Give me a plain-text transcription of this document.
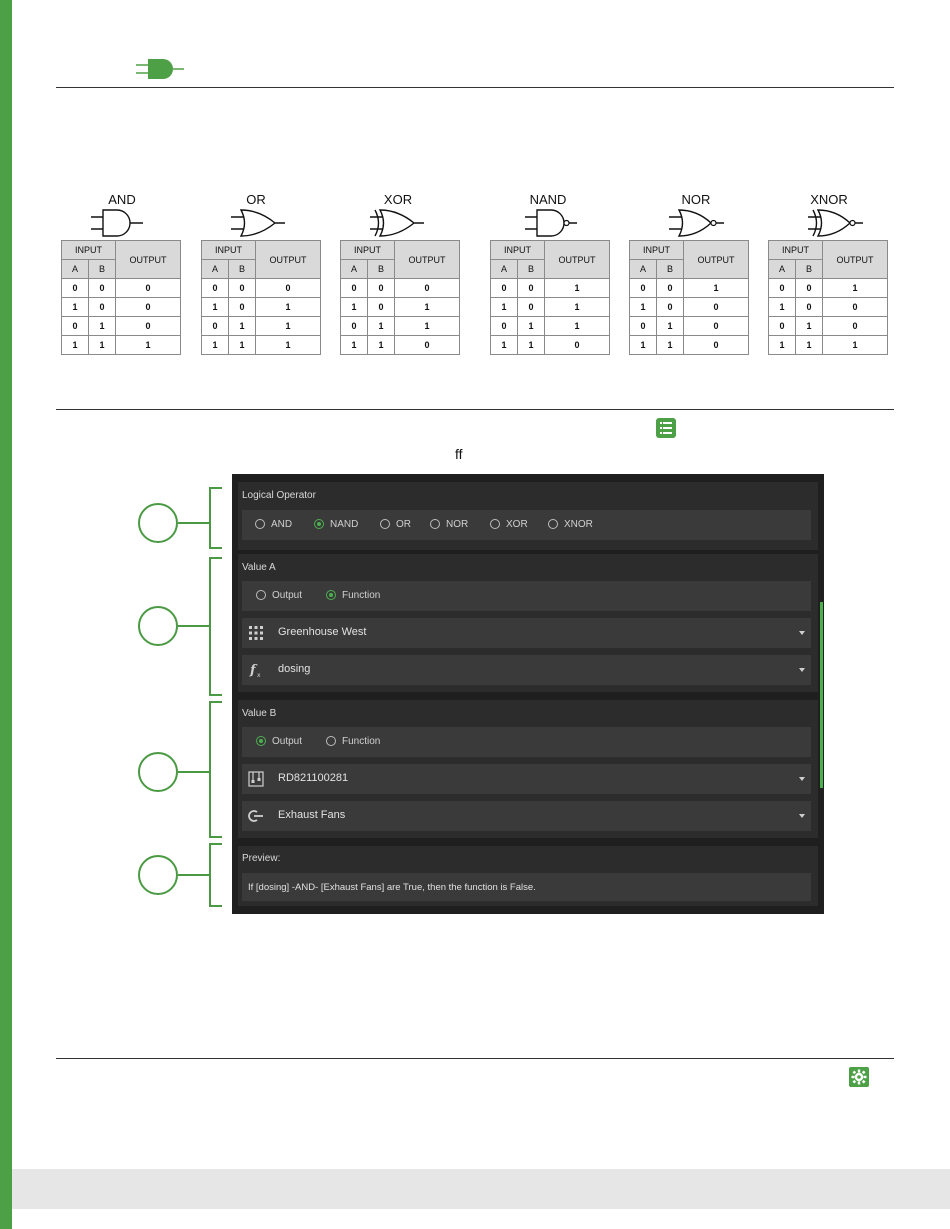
AND
INPUT		OUTPUT
A	B	
0	0	0
1	0	0
0	1	0
1	1	1
OR
INPUT		OUTPUT
A	B	
0	0	0
1	0	1
0	1	1
1	1	1
XOR
INPUT		OUTPUT
A	B	
0	0	0
1	0	1
0	1	1
1	1	0
NAND
INPUT		OUTPUT
A	B	
0	0	1
1	0	1
0	1	1
1	1	0
NOR
INPUT		OUTPUT
A	B	
0	0	1
1	0	0
0	1	0
1	1	0
XNOR
INPUT		OUTPUT
A	B	
0	0	1
1	0	0
0	1	0
1	1	1
ff
Logical Operator
AND	NAND	OR	NOR	XOR	XNOR
Value A
Output	Function
Greenhouse West
f x
dosing
Value B
Output	Function
RD821100281
Exhaust Fans
Preview:
If [dosing] -AND- [Exhaust Fans] are True, then the function is False.
